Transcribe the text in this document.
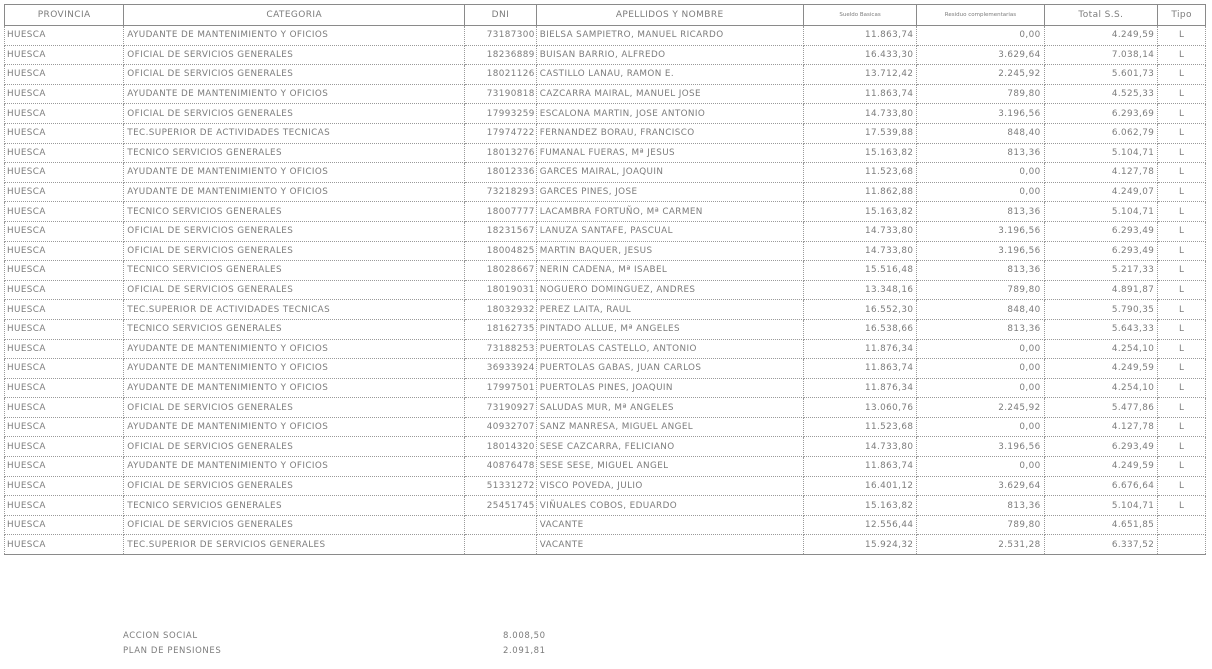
PROVINCIA	CATEGORIA	DNI	APELLIDOS Y NOMBRE	Sueldo Basicas	Residuo complementarias	Total S.S.	Tipo
HUESCA	AYUDANTE DE MANTENIMIENTO Y OFICIOS	73187300	BIELSA SAMPIETRO, MANUEL RICARDO	11.863,74	0,00	4.249,59	L
HUESCA	OFICIAL DE SERVICIOS GENERALES	18236889	BUISAN BARRIO, ALFREDO	16.433,30	3.629,64	7.038,14	L
HUESCA	OFICIAL DE SERVICIOS GENERALES	18021126	CASTILLO LANAU, RAMON E.	13.712,42	2.245,92	5.601,73	L
HUESCA	AYUDANTE DE MANTENIMIENTO Y OFICIOS	73190818	CAZCARRA MAIRAL, MANUEL JOSE	11.863,74	789,80	4.525,33	L
HUESCA	OFICIAL DE SERVICIOS GENERALES	17993259	ESCALONA MARTIN, JOSE ANTONIO	14.733,80	3.196,56	6.293,69	L
HUESCA	TEC.SUPERIOR DE ACTIVIDADES TECNICAS	17974722	FERNANDEZ BORAU, FRANCISCO	17.539,88	848,40	6.062,79	L
HUESCA	TECNICO SERVICIOS GENERALES	18013276	FUMANAL FUERAS, Mª JESUS	15.163,82	813,36	5.104,71	L
HUESCA	AYUDANTE DE MANTENIMIENTO Y OFICIOS	18012336	GARCES MAIRAL, JOAQUIN	11.523,68	0,00	4.127,78	L
HUESCA	AYUDANTE DE MANTENIMIENTO Y OFICIOS	73218293	GARCES PINES, JOSE	11.862,88	0,00	4.249,07	L
HUESCA	TECNICO SERVICIOS GENERALES	18007777	LACAMBRA FORTUÑO, Mª CARMEN	15.163,82	813,36	5.104,71	L
HUESCA	OFICIAL DE SERVICIOS GENERALES	18231567	LANUZA SANTAFE, PASCUAL	14.733,80	3.196,56	6.293,49	L
HUESCA	OFICIAL DE SERVICIOS GENERALES	18004825	MARTIN BAQUER, JESUS	14.733,80	3.196,56	6.293,49	L
HUESCA	TECNICO SERVICIOS GENERALES	18028667	NERIN CADENA, Mª ISABEL	15.516,48	813,36	5.217,33	L
HUESCA	OFICIAL DE SERVICIOS GENERALES	18019031	NOGUERO DOMINGUEZ, ANDRES	13.348,16	789,80	4.891,87	L
HUESCA	TEC.SUPERIOR DE ACTIVIDADES TECNICAS	18032932	PEREZ LAITA, RAUL	16.552,30	848,40	5.790,35	L
HUESCA	TECNICO SERVICIOS GENERALES	18162735	PINTADO ALLUE, Mª ANGELES	16.538,66	813,36	5.643,33	L
HUESCA	AYUDANTE DE MANTENIMIENTO Y OFICIOS	73188253	PUERTOLAS CASTELLO, ANTONIO	11.876,34	0,00	4.254,10	L
HUESCA	AYUDANTE DE MANTENIMIENTO Y OFICIOS	36933924	PUERTOLAS GABAS, JUAN CARLOS	11.863,74	0,00	4.249,59	L
HUESCA	AYUDANTE DE MANTENIMIENTO Y OFICIOS	17997501	PUERTOLAS PINES, JOAQUIN	11.876,34	0,00	4.254,10	L
HUESCA	OFICIAL DE SERVICIOS GENERALES	73190927	SALUDAS MUR, Mª ANGELES	13.060,76	2.245,92	5.477,86	L
HUESCA	AYUDANTE DE MANTENIMIENTO Y OFICIOS	40932707	SANZ MANRESA, MIGUEL ANGEL	11.523,68	0,00	4.127,78	L
HUESCA	OFICIAL DE SERVICIOS GENERALES	18014320	SESE CAZCARRA, FELICIANO	14.733,80	3.196,56	6.293,49	L
HUESCA	AYUDANTE DE MANTENIMIENTO Y OFICIOS	40876478	SESE SESE, MIGUEL ANGEL	11.863,74	0,00	4.249,59	L
HUESCA	OFICIAL DE SERVICIOS GENERALES	51331272	VISCO POVEDA, JULIO	16.401,12	3.629,64	6.676,64	L
HUESCA	TECNICO SERVICIOS GENERALES	25451745	VIÑUALES COBOS, EDUARDO	15.163,82	813,36	5.104,71	L
HUESCA	OFICIAL DE SERVICIOS GENERALES		VACANTE	12.556,44	789,80	4.651,85	
HUESCA	TEC.SUPERIOR DE SERVICIOS GENERALES		VACANTE	15.924,32	2.531,28	6.337,52	
ACCION SOCIAL	8.008,50
PLAN DE PENSIONES	2.091,81
